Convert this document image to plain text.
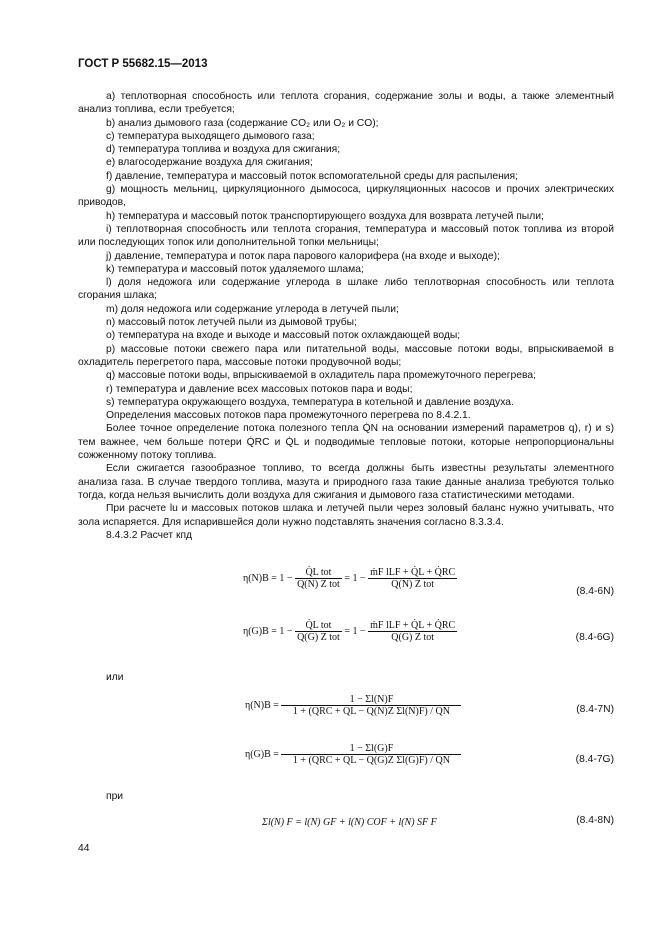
ГОСТ Р 55682.15—2013

а) теплотворная способность или теплота сгорания, содержание золы и воды, а также элементный анализ топлива, если требуется;

b) анализ дымового газа (содержание CO₂ или O₂ и CO);

c) температура выходящего дымового газа;

d) температура топлива и воздуха для сжигания;

e) влагосодержание воздуха для сжигания;

f) давление, температура и массовый поток вспомогательной среды для распыления;

g) мощность мельниц, циркуляционного дымососа, циркуляционных насосов и прочих электрических приводов,

h) температура и массовый поток транспортирующего воздуха для возврата летучей пыли;

i) теплотворная способность или теплота сгорания, температура и массовый поток топлива из второй или последующих топок или дополнительной топки мельницы;

j) давление, температура и поток пара парового калорифера (на входе и выходе);

k) температура и массовый поток удаляемого шлама;

l) доля недожога или содержание углерода в шлаке либо теплотворная способность или теплота сгорания шлака;

m) доля недожога или содержание углерода в летучей пыли;

n) массовый поток летучей пыли из дымовой трубы;

o) температура на входе и выходе и массовый поток охлаждающей воды;

p) массовые потоки свежего пара или питательной воды, массовые потоки воды, впрыскиваемой в охладитель перегретого пара, массовые потоки продувочной воды;

q) массовые потоки воды, впрыскиваемой в охладитель пара промежуточного перегрева;

r) температура и давление всех массовых потоков пара и воды;

s) температура окружающего воздуха, температура в котельной и давление воздуха.

Определения массовых потоков пара промежуточного перегрева по 8.4.2.1.

Более точное определение потока полезного тепла Q̇N на основании измерений параметров q), r) и s) тем важнее, чем больше потери Q̇RC и Q̇L и подводимые тепловые потоки, которые непропорциональны сожженному потоку топлива.

Если сжигается газообразное топливо, то всегда должны быть известны результаты элементного анализа газа. В случае твердого топлива, мазута и природного газа такие данные анализа требуются только тогда, когда нельзя вычислить доли воздуха для сжигания и дымового газа статистическими методами.

При расчете lu и массовых потоков шлака и летучей пыли через золовый баланс нужно учитывать, что зола испаряется. Для испарившейся доли нужно подставлять значения согласно 8.3.3.4.

8.4.3.2 Расчет кпд

$\eta(N)B = 1 - \frac{\text{Q̇L tot}}{\text{Q̇(N) Z tot}} = 1 - \frac{\text{ṁF lLF + Q̇L + Q̇RC}}{\text{Q̇(N) Z tot}}$
(8.4-6N)
$\eta(G)B = 1 - \frac{\text{Q̇L tot}}{\text{Q̇(G) Z tot}} = 1 - \frac{\text{ṁF lLF + Q̇L + Q̇RC}}{\text{Q̇(G) Z tot}}$	(8.4-6G)
или
$\eta(N)B = \frac{1 - \Sigma l(N)F}{\text{1 + (Q̇RC + Q̇L − Q̇(N)Z Σl(N)F) / Q̇N}}$	(8.4-7N)
$\eta(G)B = \frac{1 - \Sigma l(G)F}{\text{1 + (Q̇RC + Q̇L − Q̇(G)Z Σl(G)F) / Q̇N}}$	(8.4-7G)
при
Σl(N) F = l(N) GF + l(N) COF + l(N) SF F	(8.4-8N)
44
